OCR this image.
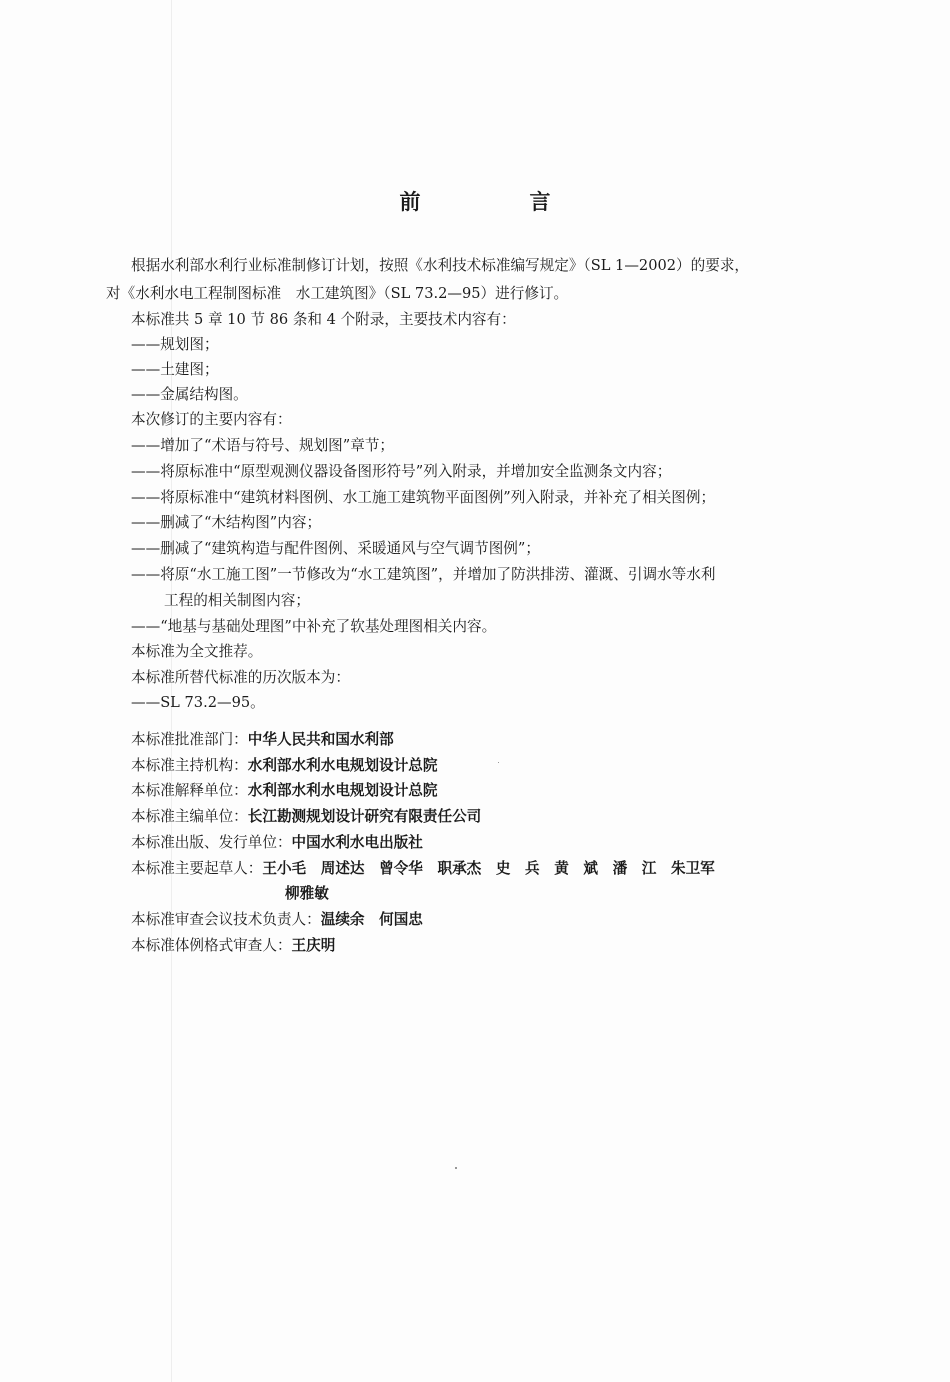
前　言
根据水利部水利行业标准制修订计划，按照《水利技术标准编写规定》（SL 1—2002）的要求，
对《水利水电工程制图标准　水工建筑图》（SL 73.2—95）进行修订。
本标准共 5 章 10 节 86 条和 4 个附录，主要技术内容有：
——规划图；
——土建图；
——金属结构图。
本次修订的主要内容有：
——增加了“术语与符号、规划图”章节；
——将原标准中“原型观测仪器设备图形符号”列入附录，并增加安全监测条文内容；
——将原标准中“建筑材料图例、水工施工建筑物平面图例”列入附录，并补充了相关图例；
——删减了“木结构图”内容；
——删减了“建筑构造与配件图例、采暖通风与空气调节图例”；
——将原“水工施工图”一节修改为“水工建筑图”，并增加了防洪排涝、灌溉、引调水等水利
工程的相关制图内容；
——“地基与基础处理图”中补充了软基处理图相关内容。
本标准为全文推荐。
本标准所替代标准的历次版本为：
——SL 73.2—95。
本标准批准部门：中华人民共和国水利部
本标准主持机构：水利部水利水电规划设计总院
本标准解释单位：水利部水利水电规划设计总院
本标准主编单位：长江勘测规划设计研究有限责任公司
本标准出版、发行单位：中国水利水电出版社
本标准主要起草人：王小毛　周述达　曾令华　职承杰　史　兵　黄　斌　潘　江　朱卫军
柳雅敏
本标准审查会议技术负责人：温续余　何国忠
本标准体例格式审查人：王庆明
